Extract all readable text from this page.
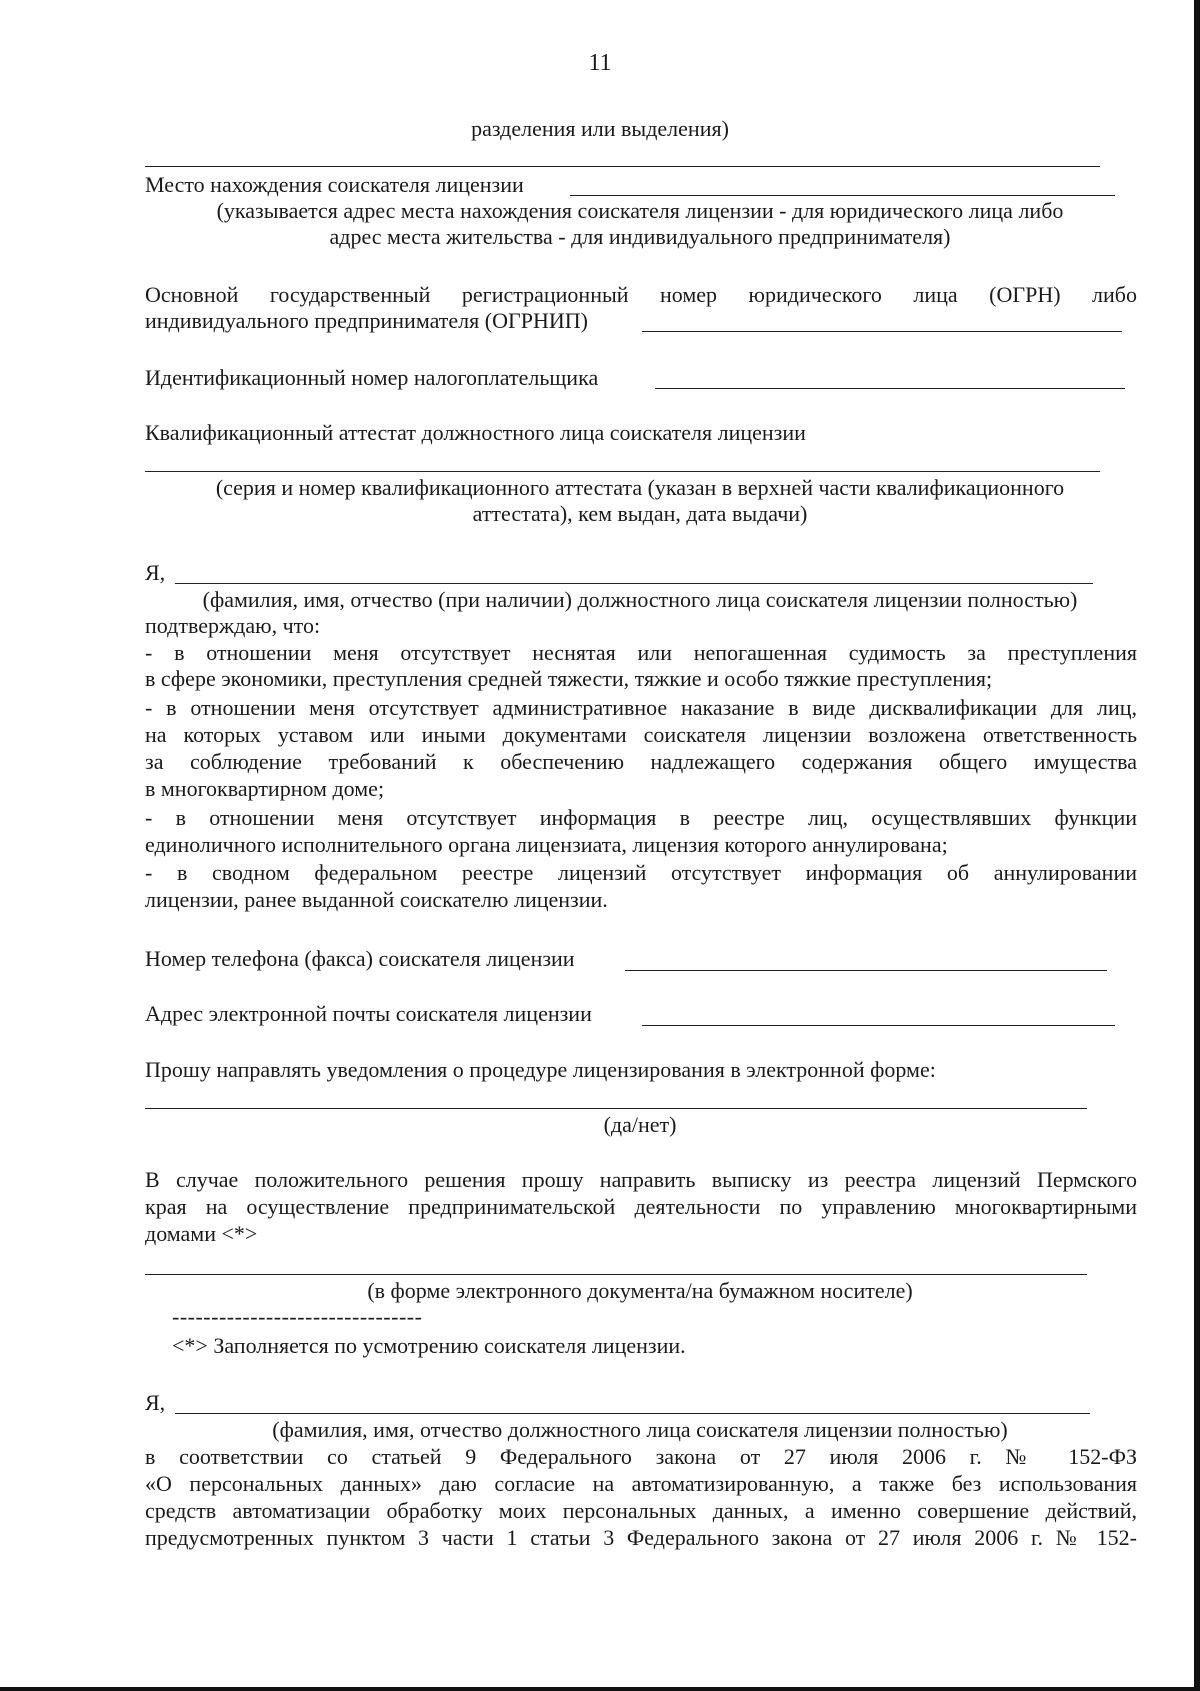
11
разделения или выделения)
Место нахождения соискателя лицензии
(указывается адрес места нахождения соискателя лицензии - для юридического лица либо
адрес места жительства - для индивидуального предпринимателя)
Основной государственный регистрационный номер юридического лица (ОГРН) либо
индивидуального предпринимателя (ОГРНИП)
Идентификационный номер налогоплательщика
Квалификационный аттестат должностного лица соискателя лицензии
(серия и номер квалификационного аттестата (указан в верхней части квалификационного
аттестата), кем выдан, дата выдачи)
Я,
(фамилия, имя, отчество (при наличии) должностного лица соискателя лицензии полностью)
подтверждаю, что:
- в отношении меня отсутствует неснятая или непогашенная судимость за преступления
в сфере экономики, преступления средней тяжести, тяжкие и особо тяжкие преступления;
- в отношении меня отсутствует административное наказание в виде дисквалификации для лиц,
на которых уставом или иными документами соискателя лицензии возложена ответственность
за соблюдение требований к обеспечению надлежащего содержания общего имущества
в многоквартирном доме;
- в отношении меня отсутствует информация в реестре лиц, осуществлявших функции
единоличного исполнительного органа лицензиата, лицензия которого аннулирована;
- в сводном федеральном реестре лицензий отсутствует информация об аннулировании
лицензии, ранее выданной соискателю лицензии.
Номер телефона (факса) соискателя лицензии
Адрес электронной почты соискателя лицензии
Прошу направлять уведомления о процедуре лицензирования в электронной форме:
(да/нет)
В случае положительного решения прошу направить выписку из реестра лицензий Пермского
края на осуществление предпринимательской деятельности по управлению многоквартирными
домами <*>
(в форме электронного документа/на бумажном носителе)
--------------------------------
<*> Заполняется по усмотрению соискателя лицензии.
Я,
(фамилия, имя, отчество должностного лица соискателя лицензии полностью)
в соответствии со статьей 9 Федерального закона от 27 июля 2006 г. № 152-ФЗ
«О персональных данных» даю согласие на автоматизированную, а также без использования
средств автоматизации обработку моих персональных данных, а именно совершение действий,
предусмотренных пунктом 3 части 1 статьи 3 Федерального закона от 27 июля 2006 г. № 152-
